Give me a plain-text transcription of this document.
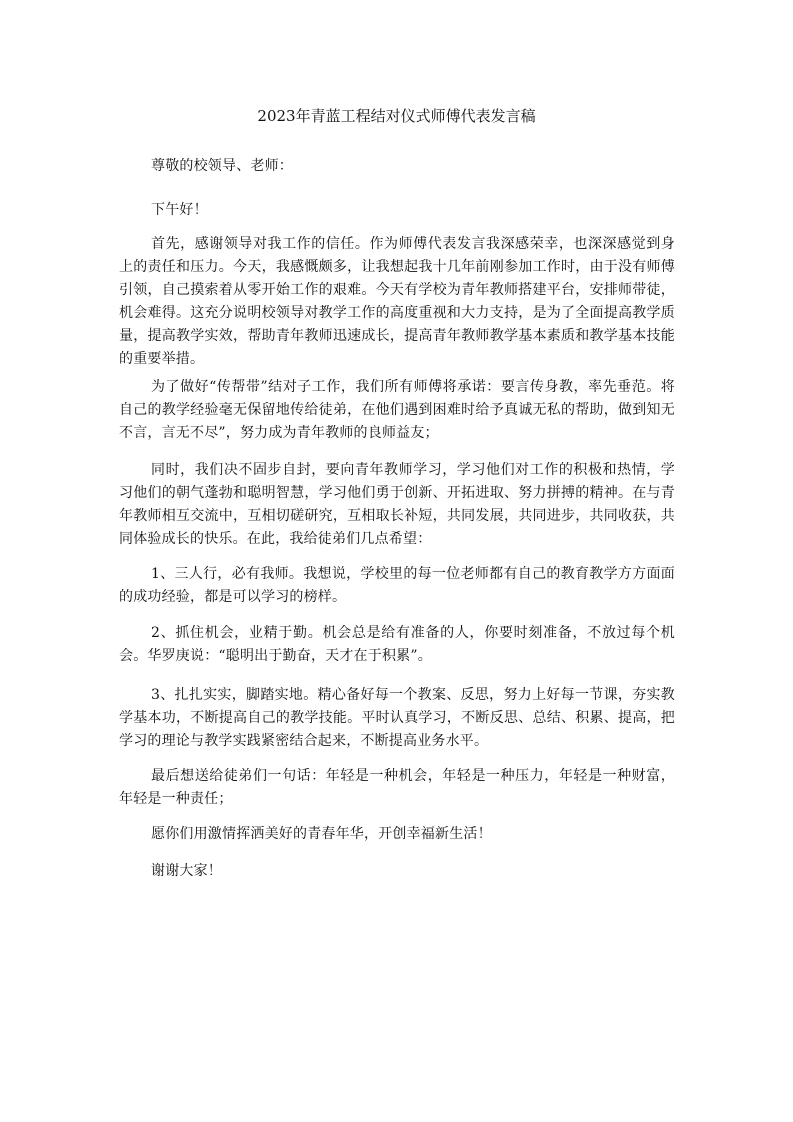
2023年青蓝工程结对仪式师傅代表发言稿

尊敬的校领导、老师：

下午好！

首先，感谢领导对我工作的信任。作为师傅代表发言我深感荣幸，也深深感觉到身上的责任和压力。今天，我感慨颇多，让我想起我十几年前刚参加工作时，由于没有师傅引领，自己摸索着从零开始工作的艰难。今天有学校为青年教师搭建平台，安排师带徒，机会难得。这充分说明校领导对教学工作的高度重视和大力支持，是为了全面提高教学质量，提高教学实效，帮助青年教师迅速成长，提高青年教师教学基本素质和教学基本技能的重要举措。

为了做好“传帮带”结对子工作，我们所有师傅将承诺：要言传身教，率先垂范。将自己的教学经验毫无保留地传给徒弟，在他们遇到困难时给予真诚无私的帮助，做到知无不言，言无不尽”，努力成为青年教师的良师益友；

同时，我们决不固步自封，要向青年教师学习，学习他们对工作的积极和热情，学习他们的朝气蓬勃和聪明智慧，学习他们勇于创新、开拓进取、努力拼搏的精神。在与青年教师相互交流中，互相切磋研究，互相取长补短，共同发展，共同进步，共同收获，共同体验成长的快乐。在此，我给徒弟们几点希望：

1、三人行，必有我师。我想说，学校里的每一位老师都有自己的教育教学方方面面的成功经验，都是可以学习的榜样。

2、抓住机会，业精于勤。机会总是给有准备的人，你要时刻准备，不放过每个机会。华罗庚说：“聪明出于勤奋，天才在于积累”。

3、扎扎实实，脚踏实地。精心备好每一个教案、反思，努力上好每一节课，夯实教学基本功，不断提高自己的教学技能。平时认真学习，不断反思、总结、积累、提高，把学习的理论与教学实践紧密结合起来，不断提高业务水平。

最后想送给徒弟们一句话：年轻是一种机会，年轻是一种压力，年轻是一种财富，年轻是一种责任；

愿你们用激情挥洒美好的青春年华，开创幸福新生活！

谢谢大家！
